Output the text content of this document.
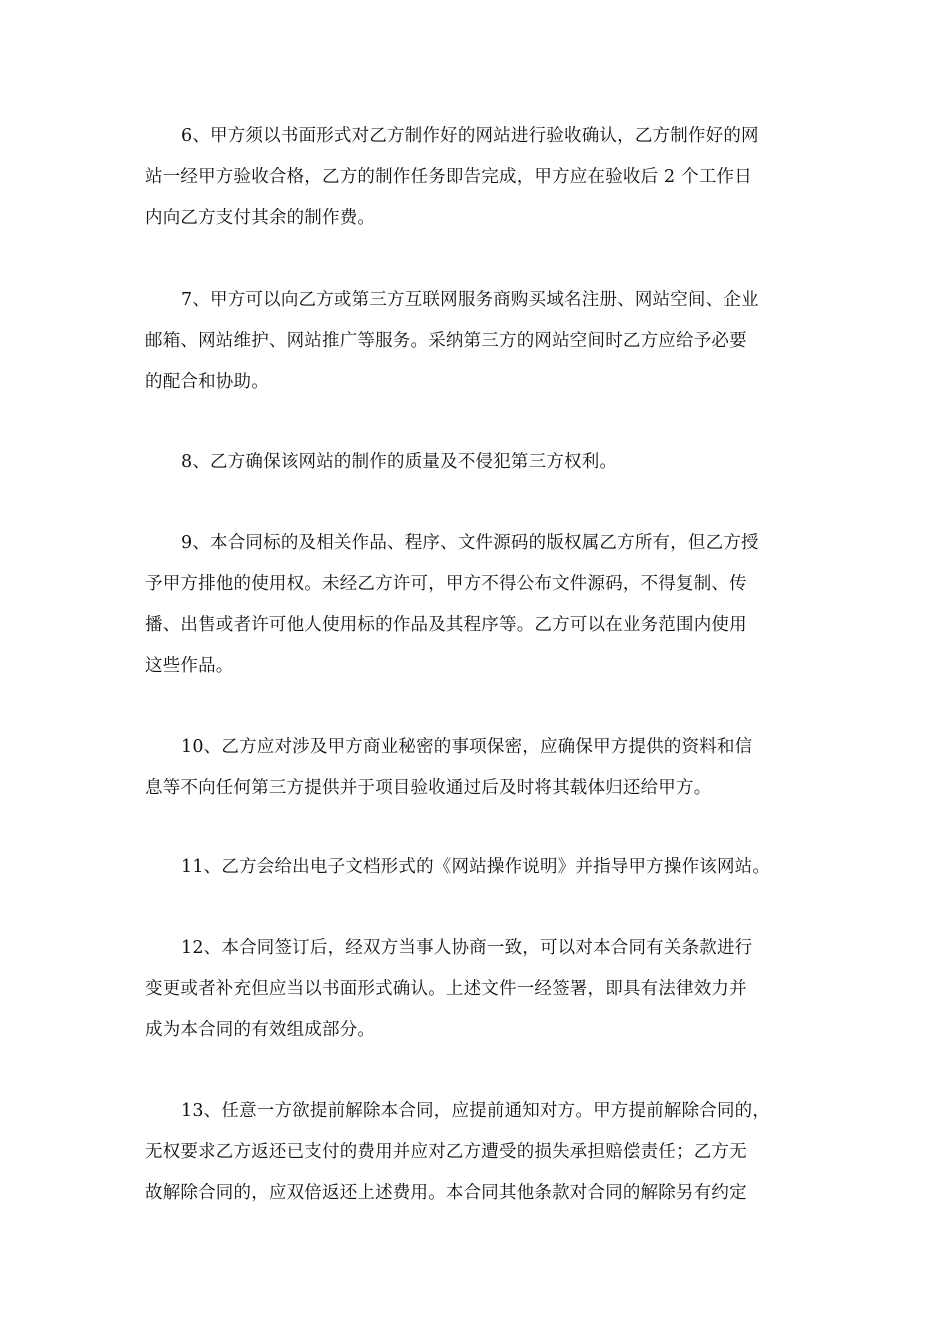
6、甲方须以书面形式对乙方制作好的网站进行验收确认，乙方制作好的网
站一经甲方验收合格，乙方的制作任务即告完成，甲方应在验收后 2 个工作日
内向乙方支付其余的制作费。

7、甲方可以向乙方或第三方互联网服务商购买域名注册、网站空间、企业
邮箱、网站维护、网站推广等服务。采纳第三方的网站空间时乙方应给予必要
的配合和协助。

8、乙方确保该网站的制作的质量及不侵犯第三方权利。

9、本合同标的及相关作品、程序、文件源码的版权属乙方所有，但乙方授
予甲方排他的使用权。未经乙方许可，甲方不得公布文件源码，不得复制、传
播、出售或者许可他人使用标的作品及其程序等。乙方可以在业务范围内使用
这些作品。

10、乙方应对涉及甲方商业秘密的事项保密，应确保甲方提供的资料和信
息等不向任何第三方提供并于项目验收通过后及时将其载体归还给甲方。

11、乙方会给出电子文档形式的《网站操作说明》并指导甲方操作该网站。

12、本合同签订后，经双方当事人协商一致，可以对本合同有关条款进行
变更或者补充但应当以书面形式确认。上述文件一经签署，即具有法律效力并
成为本合同的有效组成部分。

13、任意一方欲提前解除本合同，应提前通知对方。甲方提前解除合同的，
无权要求乙方返还已支付的费用并应对乙方遭受的损失承担赔偿责任；乙方无
故解除合同的，应双倍返还上述费用。本合同其他条款对合同的解除另有约定
